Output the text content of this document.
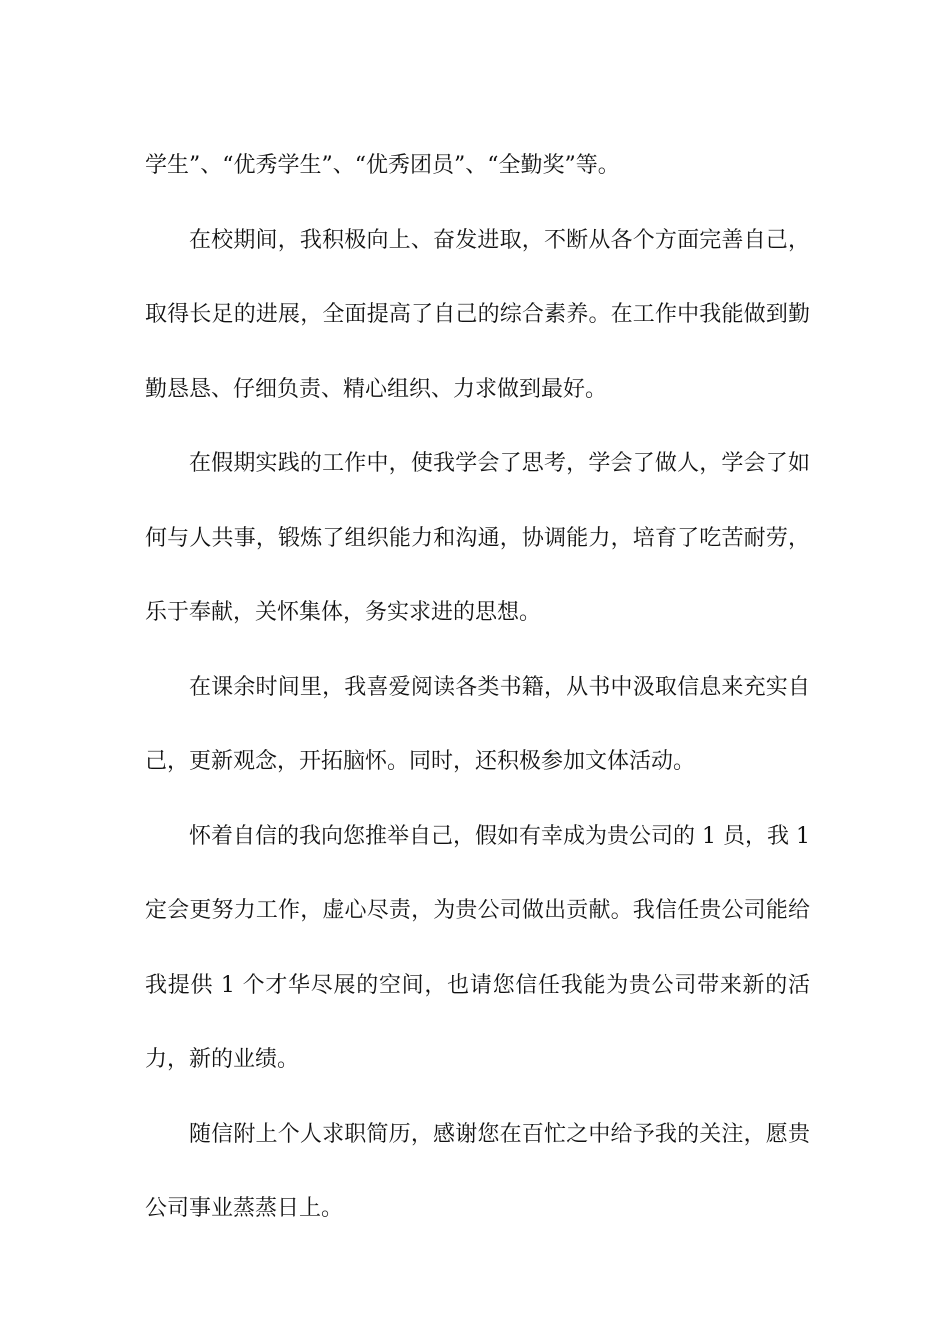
学生”、“优秀学生”、“优秀团员”、“全勤奖”等。

在校期间，我积极向上、奋发进取，不断从各个方面完善自己，取得长足的进展，全面提高了自己的综合素养。在工作中我能做到勤勤恳恳、仔细负责、精心组织、力求做到最好。

在假期实践的工作中，使我学会了思考，学会了做人，学会了如何与人共事，锻炼了组织能力和沟通，协调能力，培育了吃苦耐劳，乐于奉献，关怀集体，务实求进的思想。

在课余时间里，我喜爱阅读各类书籍，从书中汲取信息来充实自己，更新观念，开拓脑怀。同时，还积极参加文体活动。

怀着自信的我向您推举自己，假如有幸成为贵公司的 1 员，我 1 定会更努力工作，虚心尽责，为贵公司做出贡献。我信任贵公司能给我提供 1 个才华尽展的空间，也请您信任我能为贵公司带来新的活力，新的业绩。

随信附上个人求职简历，感谢您在百忙之中给予我的关注，愿贵公司事业蒸蒸日上。
